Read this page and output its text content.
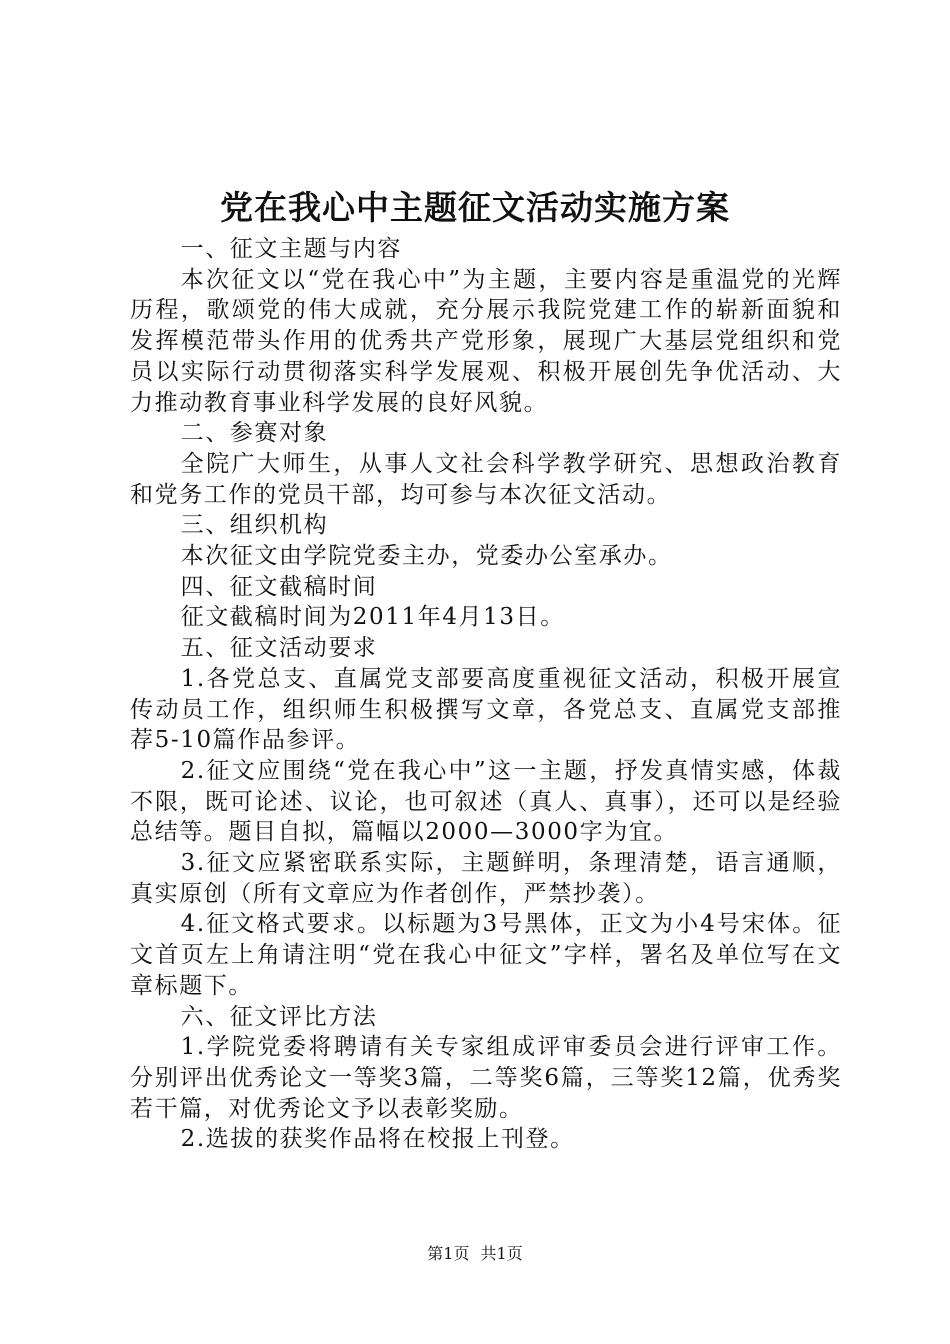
党在我心中主题征文活动实施方案

一、征文主题与内容

本次征文以“党在我心中”为主题，主要内容是重温党的光辉历程，歌颂党的伟大成就，充分展示我院党建工作的崭新面貌和发挥模范带头作用的优秀共产党形象，展现广大基层党组织和党员以实际行动贯彻落实科学发展观、积极开展创先争优活动、大力推动教育事业科学发展的良好风貌。

二、参赛对象

全院广大师生，从事人文社会科学教学研究、思想政治教育和党务工作的党员干部，均可参与本次征文活动。

三、组织机构

本次征文由学院党委主办，党委办公室承办。

四、征文截稿时间

征文截稿时间为2011年4月13日。

五、征文活动要求

1.各党总支、直属党支部要高度重视征文活动，积极开展宣传动员工作，组织师生积极撰写文章，各党总支、直属党支部推荐5-10篇作品参评。

2.征文应围绕“党在我心中”这一主题，抒发真情实感，体裁不限，既可论述、议论，也可叙述（真人、真事），还可以是经验总结等。题目自拟，篇幅以2000—3000字为宜。

3.征文应紧密联系实际，主题鲜明，条理清楚，语言通顺，真实原创（所有文章应为作者创作，严禁抄袭）。

4.征文格式要求。以标题为3号黑体，正文为小4号宋体。征文首页左上角请注明“党在我心中征文”字样，署名及单位写在文章标题下。

六、征文评比方法

1.学院党委将聘请有关专家组成评审委员会进行评审工作。分别评出优秀论文一等奖3篇，二等奖6篇，三等奖12篇，优秀奖若干篇，对优秀论文予以表彰奖励。

2.选拔的获奖作品将在校报上刊登。

第1页 共1页
